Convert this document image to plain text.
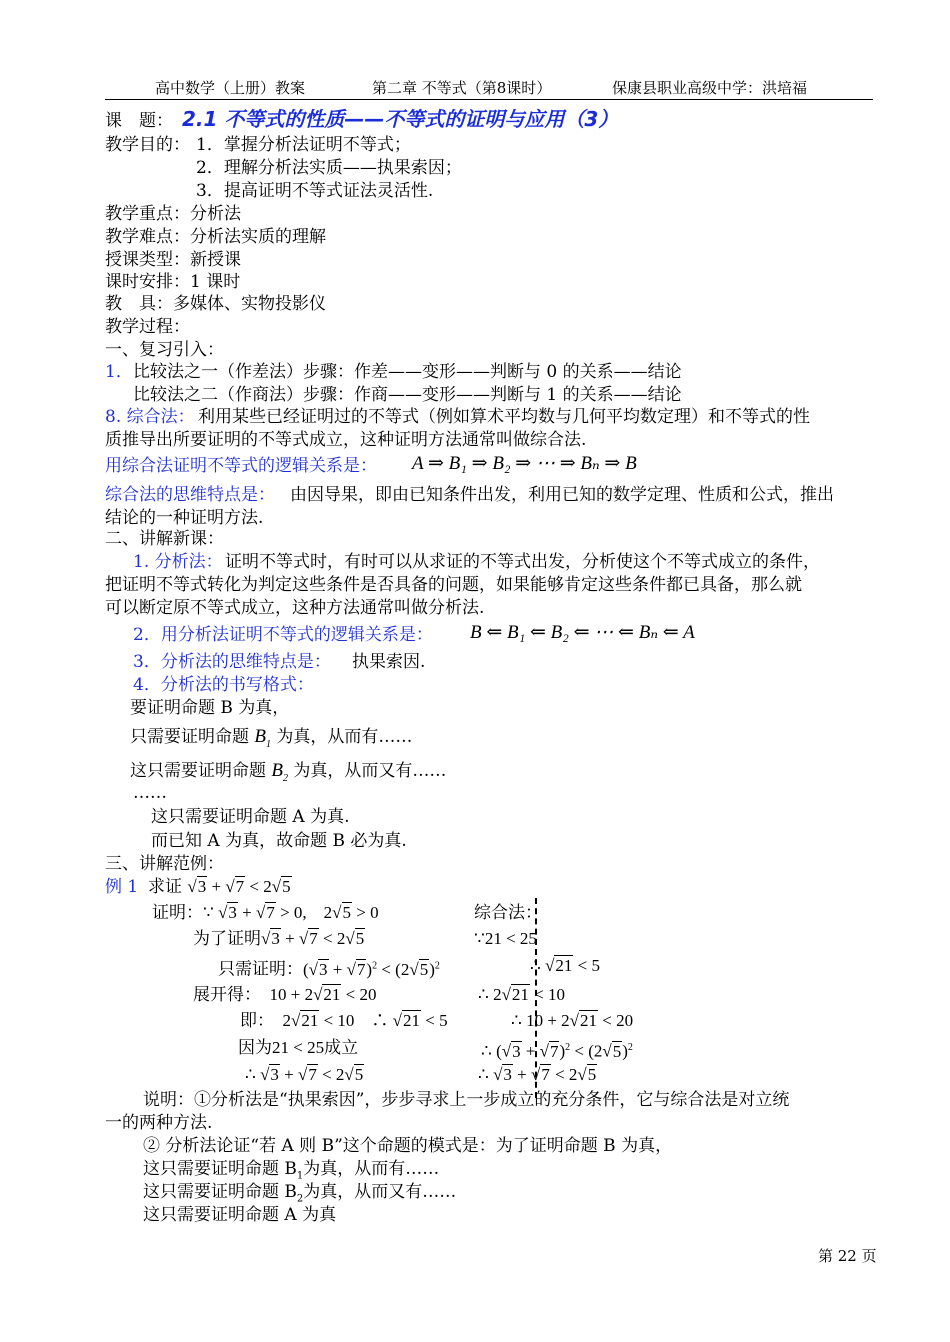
高中数学（上册）教案	第二章 不等式（第8课时）	保康县职业高级中学：洪培福
课　题： 2.1 不等式的性质——不等式的证明与应用（3）
教学目的： 1．掌握分析法证明不等式；
2．理解分析法实质——执果索因；
3．提高证明不等式证法灵活性.
教学重点：分析法
教学难点：分析法实质的理解
授课类型：新授课
课时安排：1 课时
教　具：多媒体、实物投影仪
教学过程：
一、复习引入：
1． 比较法之一（作差法）步骤：作差——变形——判断与 0 的关系——结论
比较法之二（作商法）步骤：作商——变形——判断与 1 的关系——结论
8. 综合法： 利用某些已经证明过的不等式（例如算术平均数与几何平均数定理）和不等式的性
质推导出所要证明的不等式成立，这种证明方法通常叫做综合法.
用综合法证明不等式的逻辑关系是： A ⇒ B₁ ⇒ B₂ ⇒ ⋯ ⇒ Bₙ ⇒ B
综合法的思维特点是： 由因导果，即由已知条件出发，利用已知的数学定理、性质和公式，推出
结论的一种证明方法.
二、讲解新课：
1. 分析法： 证明不等式时，有时可以从求证的不等式出发，分析使这个不等式成立的条件，
把证明不等式转化为判定这些条件是否具备的问题，如果能够肯定这些条件都已具备，那么就
可以断定原不等式成立，这种方法通常叫做分析法.
2．用分析法证明不等式的逻辑关系是： B ⇐ B₁ ⇐ B₂ ⇐ ⋯ ⇐ Bₙ ⇐ A
3．分析法的思维特点是： 执果索因.
4．分析法的书写格式：
要证明命题 B 为真，
只需要证明命题 $B_1$ 为真，从而有……
这只需要证明命题 $B_2$ 为真，从而又有……
……
这只需要证明命题 A 为真.
而已知 A 为真，故命题 B 必为真.
三、讲解范例：
例 1 求证 √3 + √7 < 2√5
证明：∵ √3 + √7 > 0,　2√5 > 0
为了证明√3 + √7 < 2√5
只需证明：$(√3 + √7)^2 < (2√5)^2$
展开得：　 10 + 2√21 < 20
即：　 2√21 < 10　∴ √21 < 5
因为21 < 25成立
∴ √3 + √7 < 2√5
综合法：
∵21 < 25
∴ √21 < 5
∴ 2√21 < 10
∴ 10 + 2√21 < 20
∴ $(√3 + √7)^2 < (2√5)^2$
∴ √3 + √7 < 2√5
说明：①分析法是“执果索因”，步步寻求上一步成立的充分条件，它与综合法是对立统
一的两种方法.
② 分析法论证“若 A 则 B”这个命题的模式是：为了证明命题 B 为真，
这只需要证明命题 $B_1$为真，从而有……
这只需要证明命题 $B_2$为真，从而又有……
这只需要证明命题 A 为真
第 22 页
